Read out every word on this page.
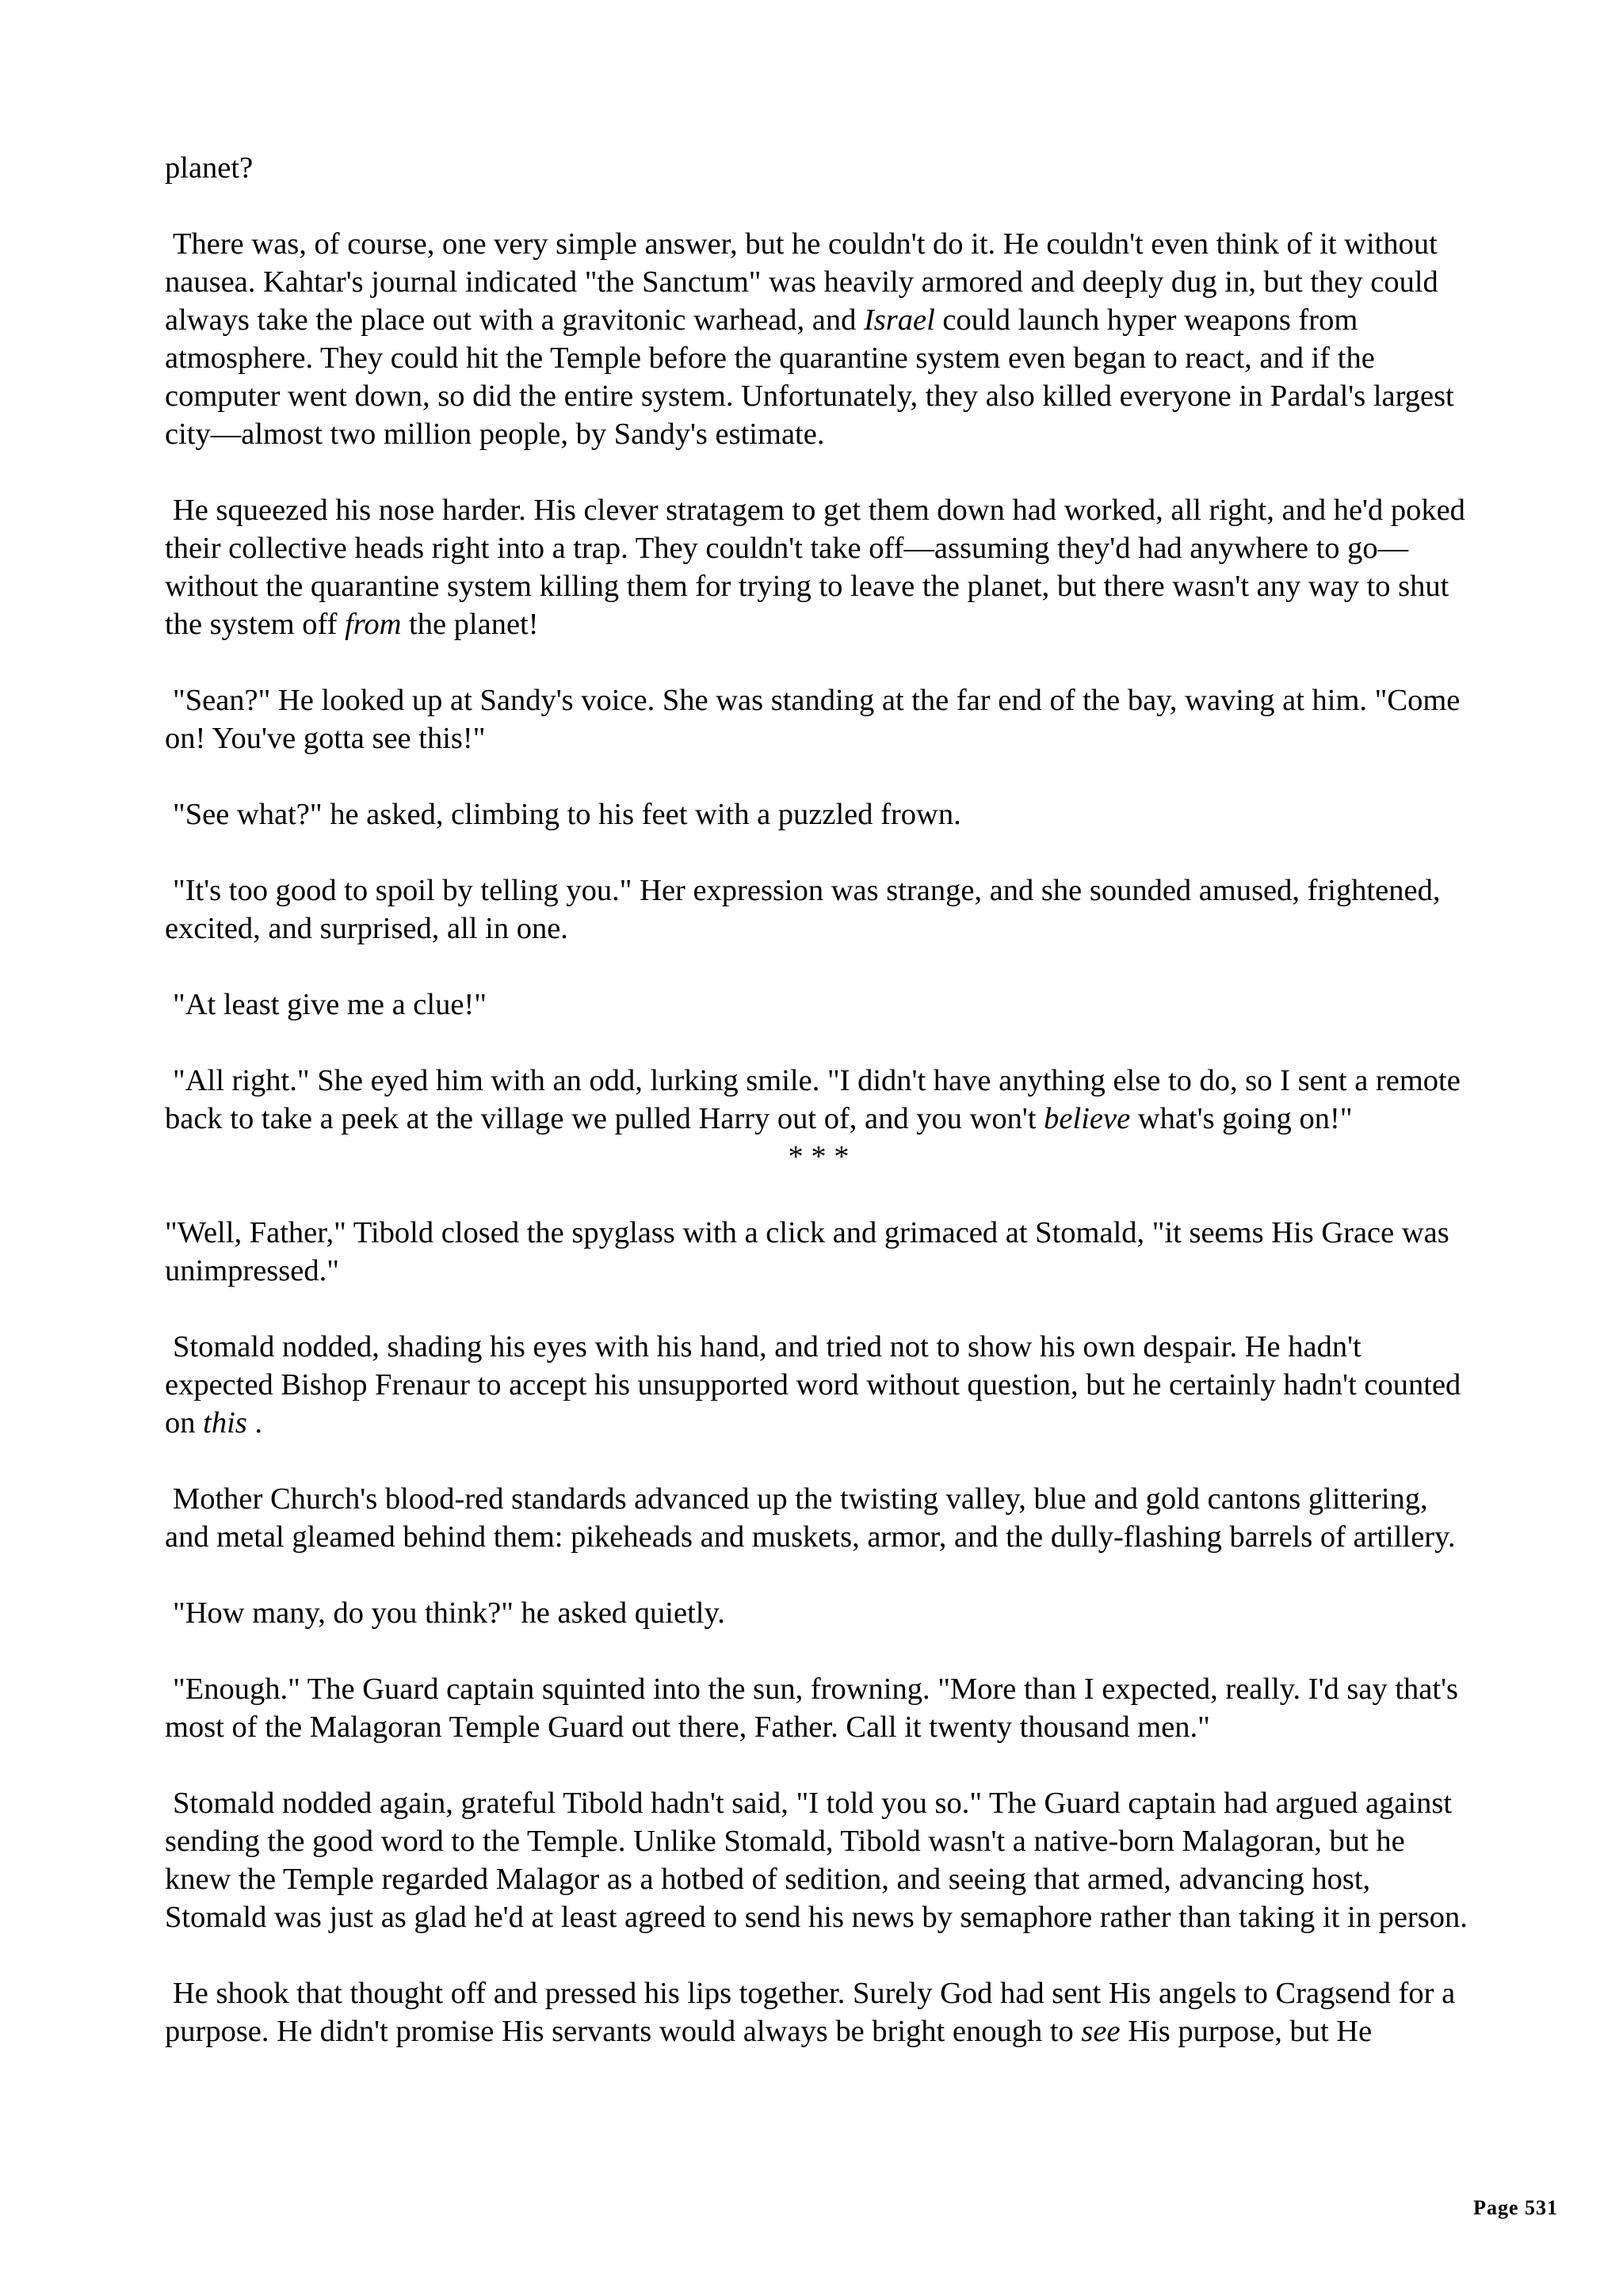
planet?

There was, of course, one very simple answer, but he couldn't do it. He couldn't even think of it without nausea. Kahtar's journal indicated "the Sanctum" was heavily armored and deeply dug in, but they could always take the place out with a gravitonic warhead, and Israel could launch hyper weapons from atmosphere. They could hit the Temple before the quarantine system even began to react, and if the computer went down, so did the entire system. Unfortunately, they also killed everyone in Pardal's largest city—almost two million people, by Sandy's estimate.

He squeezed his nose harder. His clever stratagem to get them down had worked, all right, and he'd poked their collective heads right into a trap. They couldn't take off—assuming they'd had anywhere to go—without the quarantine system killing them for trying to leave the planet, but there wasn't any way to shut the system off from the planet!

"Sean?" He looked up at Sandy's voice. She was standing at the far end of the bay, waving at him. "Come on! You've gotta see this!"

"See what?" he asked, climbing to his feet with a puzzled frown.

"It's too good to spoil by telling you." Her expression was strange, and she sounded amused, frightened, excited, and surprised, all in one.

"At least give me a clue!"

"All right." She eyed him with an odd, lurking smile. "I didn't have anything else to do, so I sent a remote back to take a peek at the village we pulled Harry out of, and you won't believe what's going on!"

* * *

"Well, Father," Tibold closed the spyglass with a click and grimaced at Stomald, "it seems His Grace was unimpressed."

Stomald nodded, shading his eyes with his hand, and tried not to show his own despair. He hadn't expected Bishop Frenaur to accept his unsupported word without question, but he certainly hadn't counted on this .

Mother Church's blood-red standards advanced up the twisting valley, blue and gold cantons glittering, and metal gleamed behind them: pikeheads and muskets, armor, and the dully-flashing barrels of artillery.

"How many, do you think?" he asked quietly.

"Enough." The Guard captain squinted into the sun, frowning. "More than I expected, really. I'd say that's most of the Malagoran Temple Guard out there, Father. Call it twenty thousand men."

Stomald nodded again, grateful Tibold hadn't said, "I told you so." The Guard captain had argued against sending the good word to the Temple. Unlike Stomald, Tibold wasn't a native-born Malagoran, but he knew the Temple regarded Malagor as a hotbed of sedition, and seeing that armed, advancing host, Stomald was just as glad he'd at least agreed to send his news by semaphore rather than taking it in person.

He shook that thought off and pressed his lips together. Surely God had sent His angels to Cragsend for a purpose. He didn't promise His servants would always be bright enough to see His purpose, but He

Page 531
